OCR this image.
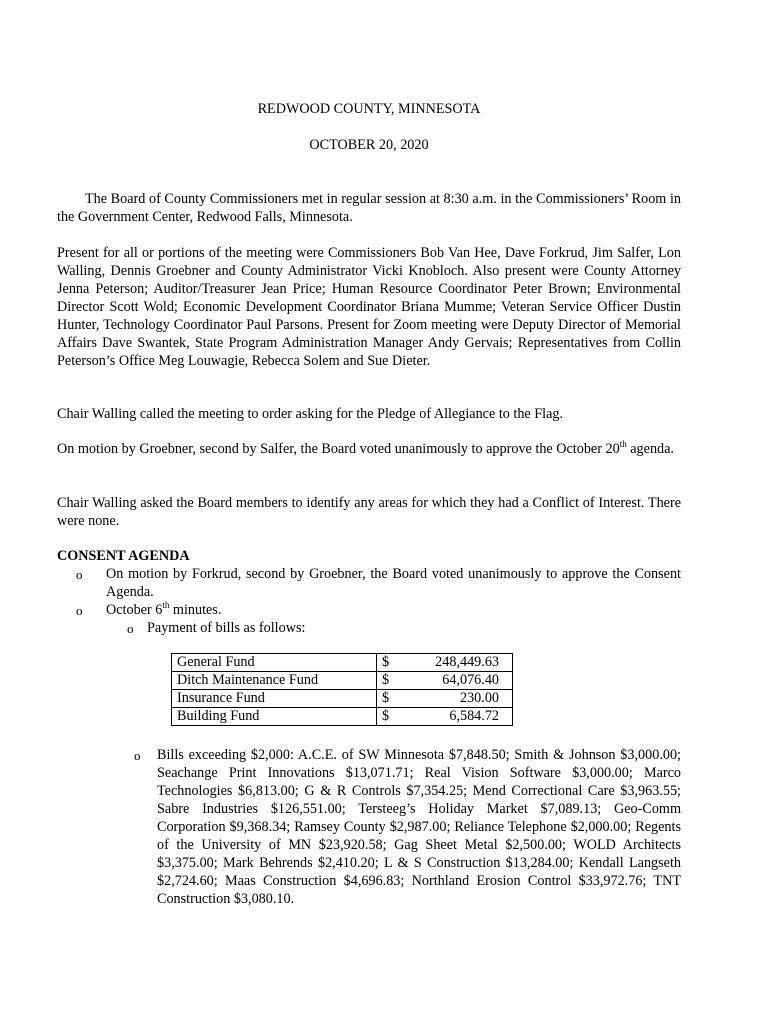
REDWOOD COUNTY, MINNESOTA
OCTOBER 20, 2020

The Board of County Commissioners met in regular session at 8:30 a.m. in the Commissioners’ Room in the Government Center, Redwood Falls, Minnesota.

Present for all or portions of the meeting were Commissioners Bob Van Hee, Dave Forkrud, Jim Salfer, Lon Walling, Dennis Groebner and County Administrator Vicki Knobloch. Also present were County Attorney Jenna Peterson; Auditor/Treasurer Jean Price; Human Resource Coordinator Peter Brown; Environmental Director Scott Wold; Economic Development Coordinator Briana Mumme; Veteran Service Officer Dustin Hunter, Technology Coordinator Paul Parsons. Present for Zoom meeting were Deputy Director of Memorial Affairs Dave Swantek, State Program Administration Manager Andy Gervais; Representatives from Collin Peterson’s Office Meg Louwagie, Rebecca Solem and Sue Dieter.

Chair Walling called the meeting to order asking for the Pledge of Allegiance to the Flag.

On motion by Groebner, second by Salfer, the Board voted unanimously to approve the October 20th agenda.

Chair Walling asked the Board members to identify any areas for which they had a Conflict of Interest. There were none.

CONSENT AGENDA
o On motion by Forkrud, second by Groebner, the Board voted unanimously to approve the Consent Agenda.
o October 6th minutes.
o Payment of bills as follows:
General Fund	$ 248,449.63

Ditch Maintenance Fund	$ 64,076.40

Insurance Fund	$ 230.00

Building Fund	$ 6,584.72
o Bills exceeding $2,000: A.C.E. of SW Minnesota $7,848.50; Smith & Johnson $3,000.00; Seachange Print Innovations $13,071.71; Real Vision Software $3,000.00; Marco Technologies $6,813.00; G & R Controls $7,354.25; Mend Correctional Care $3,963.55; Sabre Industries $126,551.00; Tersteeg’s Holiday Market $7,089.13; Geo-Comm Corporation $9,368.34; Ramsey County $2,987.00; Reliance Telephone $2,000.00; Regents of the University of MN $23,920.58; Gag Sheet Metal $2,500.00; WOLD Architects $3,375.00; Mark Behrends $2,410.20; L & S Construction $13,284.00; Kendall Langseth $2,724.60; Maas Construction $4,696.83; Northland Erosion Control $33,972.76; TNT Construction $3,080.10.
